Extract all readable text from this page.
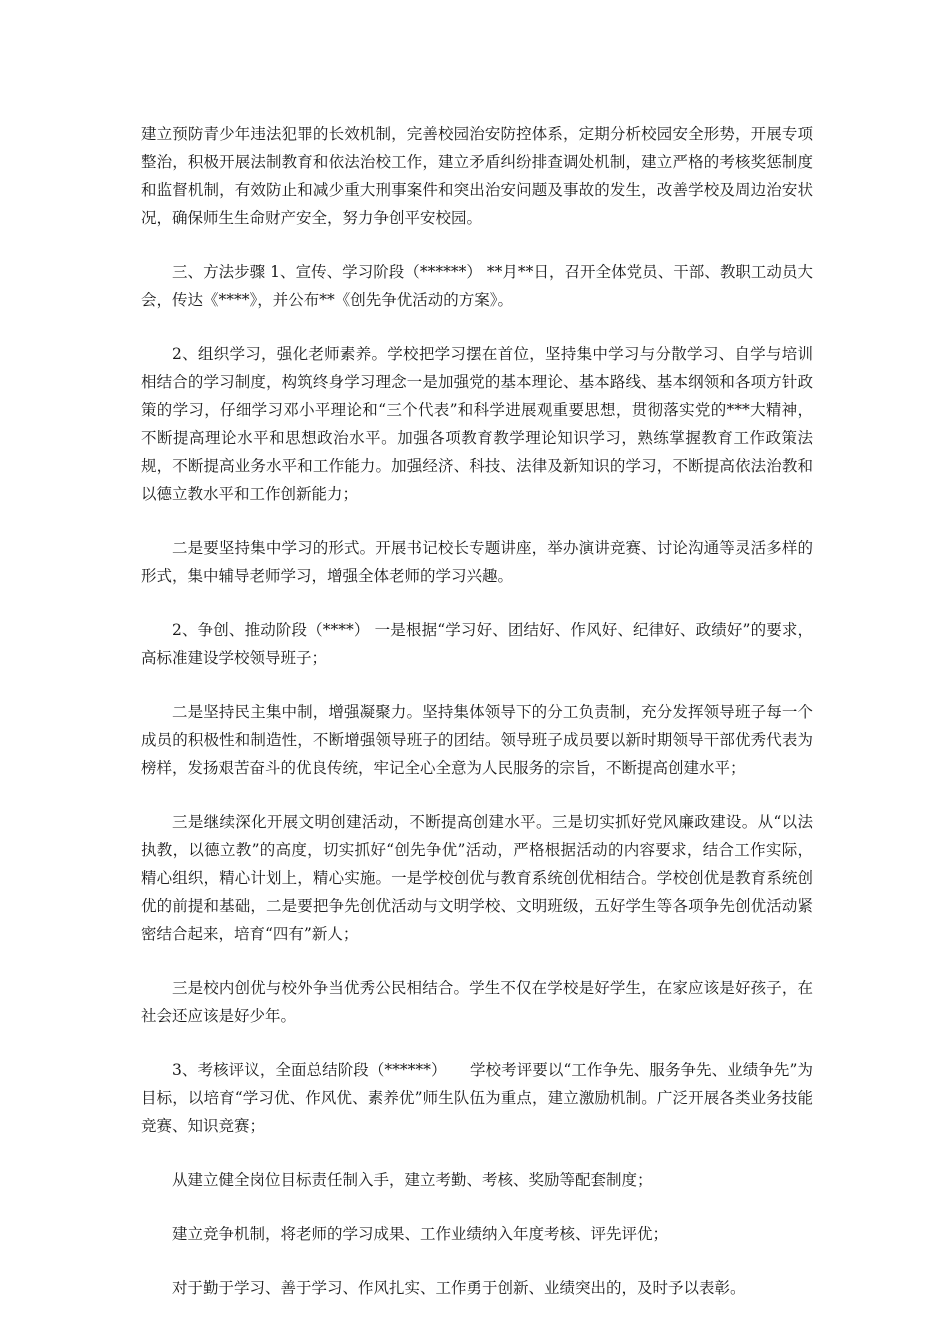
建立预防青少年违法犯罪的长效机制，完善校园治安防控体系，定期分析校园安全形势，开展专项整治，积极开展法制教育和依法治校工作，建立矛盾纠纷排查调处机制，建立严格的考核奖惩制度和监督机制，有效防止和减少重大刑事案件和突出治安问题及事故的发生，改善学校及周边治安状况，确保师生生命财产安全，努力争创平安校园。

三、方法步骤 1、宣传、学习阶段（******） **月**日，召开全体党员、干部、教职工动员大会，传达《****》，并公布**《创先争优活动的方案》。

2、组织学习，强化老师素养。学校把学习摆在首位，坚持集中学习与分散学习、自学与培训相结合的学习制度，构筑终身学习理念一是加强党的基本理论、基本路线、基本纲领和各项方针政策的学习，仔细学习邓小平理论和“三个代表”和科学进展观重要思想，贯彻落实党的***大精神，不断提高理论水平和思想政治水平。加强各项教育教学理论知识学习，熟练掌握教育工作政策法规，不断提高业务水平和工作能力。加强经济、科技、法律及新知识的学习，不断提高依法治教和以德立教水平和工作创新能力；

二是要坚持集中学习的形式。开展书记校长专题讲座，举办演讲竞赛、讨论沟通等灵活多样的形式，集中辅导老师学习，增强全体老师的学习兴趣。

2、争创、推动阶段（****） 一是根据“学习好、团结好、作风好、纪律好、政绩好”的要求，高标准建设学校领导班子；

二是坚持民主集中制，增强凝聚力。坚持集体领导下的分工负责制，充分发挥领导班子每一个成员的积极性和制造性，不断增强领导班子的团结。领导班子成员要以新时期领导干部优秀代表为榜样，发扬艰苦奋斗的优良传统，牢记全心全意为人民服务的宗旨，不断提高创建水平；

三是继续深化开展文明创建活动，不断提高创建水平。三是切实抓好党风廉政建设。从“以法执教，以德立教”的高度，切实抓好“创先争优”活动，严格根据活动的内容要求，结合工作实际，精心组织，精心计划上，精心实施。一是学校创优与教育系统创优相结合。学校创优是教育系统创优的前提和基础，二是要把争先创优活动与文明学校、文明班级，五好学生等各项争先创优活动紧密结合起来，培育“四有”新人；

三是校内创优与校外争当优秀公民相结合。学生不仅在学校是好学生，在家应该是好孩子，在社会还应该是好少年。

3、考核评议，全面总结阶段（******）　　学校考评要以“工作争先、服务争先、业绩争先”为目标，以培育“学习优、作风优、素养优”师生队伍为重点，建立激励机制。广泛开展各类业务技能竞赛、知识竞赛；

从建立健全岗位目标责任制入手，建立考勤、考核、奖励等配套制度；

建立竞争机制，将老师的学习成果、工作业绩纳入年度考核、评先评优；

对于勤于学习、善于学习、作风扎实、工作勇于创新、业绩突出的，及时予以表彰。
